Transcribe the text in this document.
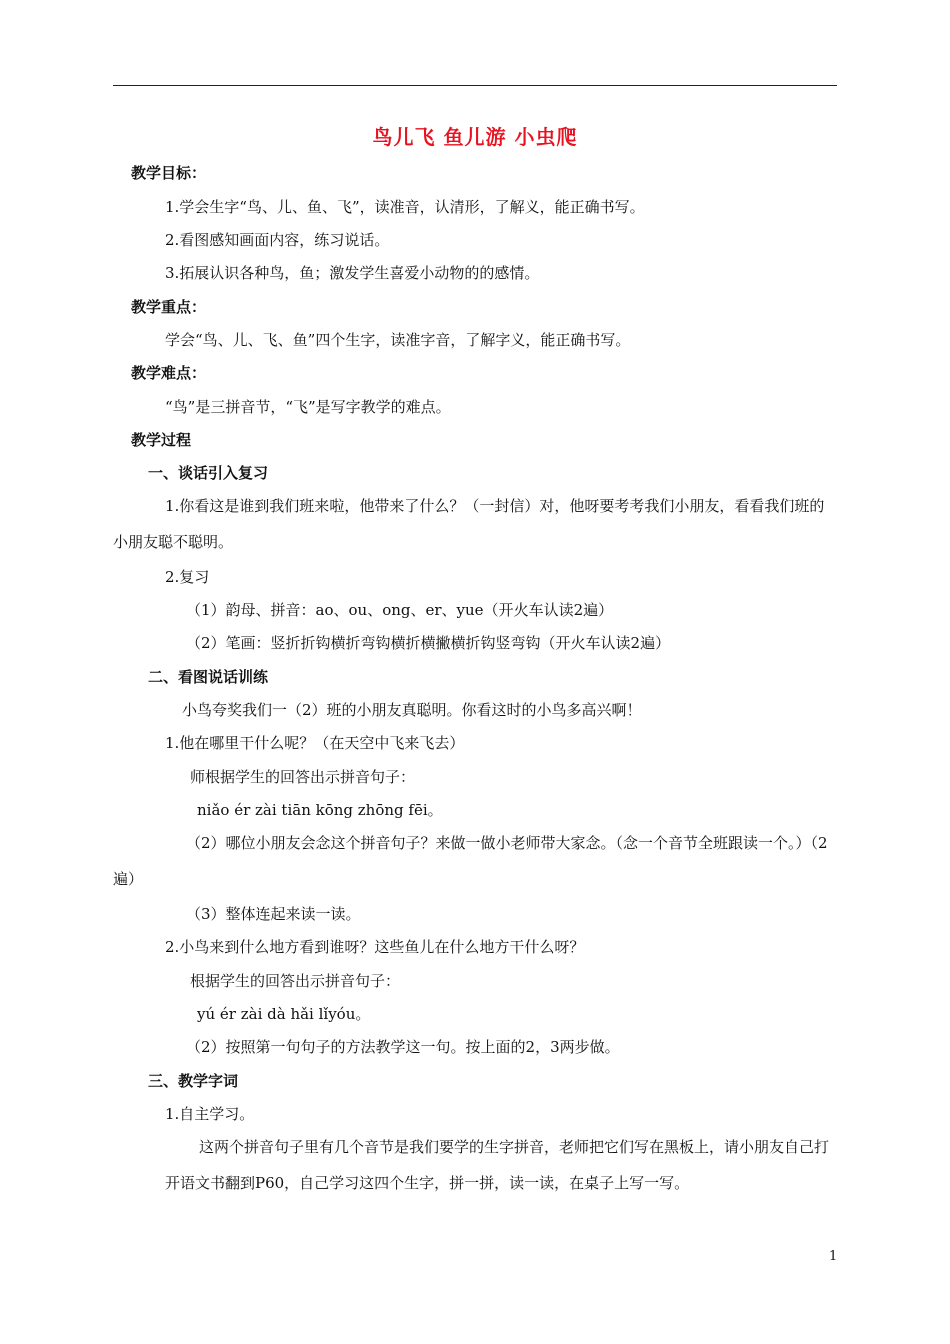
鸟儿飞 鱼儿游 小虫爬
教学目标：
1.学会生字“鸟、儿、鱼、飞”，读准音，认清形，了解义，能正确书写。
2.看图感知画面内容，练习说话。
3.拓展认识各种鸟，鱼；激发学生喜爱小动物的的感情。
教学重点：
学会“鸟、儿、飞、鱼”四个生字，读准字音，了解字义，能正确书写。
教学难点：
“鸟”是三拼音节，“飞”是写字教学的难点。
教学过程
一、谈话引入复习
1.你看这是谁到我们班来啦，他带来了什么？（一封信）对，他呀要考考我们小朋友，看看我们班的小朋友聪不聪明。
2.复习
（1）韵母、拼音：ao、ou、ong、er、yue（开火车认读2遍）
（2）笔画：竖折折钩横折弯钩横折横撇横折钩竖弯钩（开火车认读2遍）
二、看图说话训练
小鸟夸奖我们一（2）班的小朋友真聪明。你看这时的小鸟多高兴啊！
1.他在哪里干什么呢？（在天空中飞来飞去）
师根据学生的回答出示拼音句子：
niǎo ér zài tiān kōng zhōng fēi。
（2）哪位小朋友会念这个拼音句子？来做一做小老师带大家念。（念一个音节全班跟读一个。）（2遍）
（3）整体连起来读一读。
2.小鸟来到什么地方看到谁呀？这些鱼儿在什么地方干什么呀？
根据学生的回答出示拼音句子：
yú ér zài dà hǎi lǐyóu。
（2）按照第一句句子的方法教学这一句。按上面的2，3两步做。
三、教学字词
1.自主学习。
这两个拼音句子里有几个音节是我们要学的生字拼音，老师把它们写在黑板上，请小朋友自己打开语文书翻到P60，自己学习这四个生字，拼一拼，读一读，在桌子上写一写。
1
